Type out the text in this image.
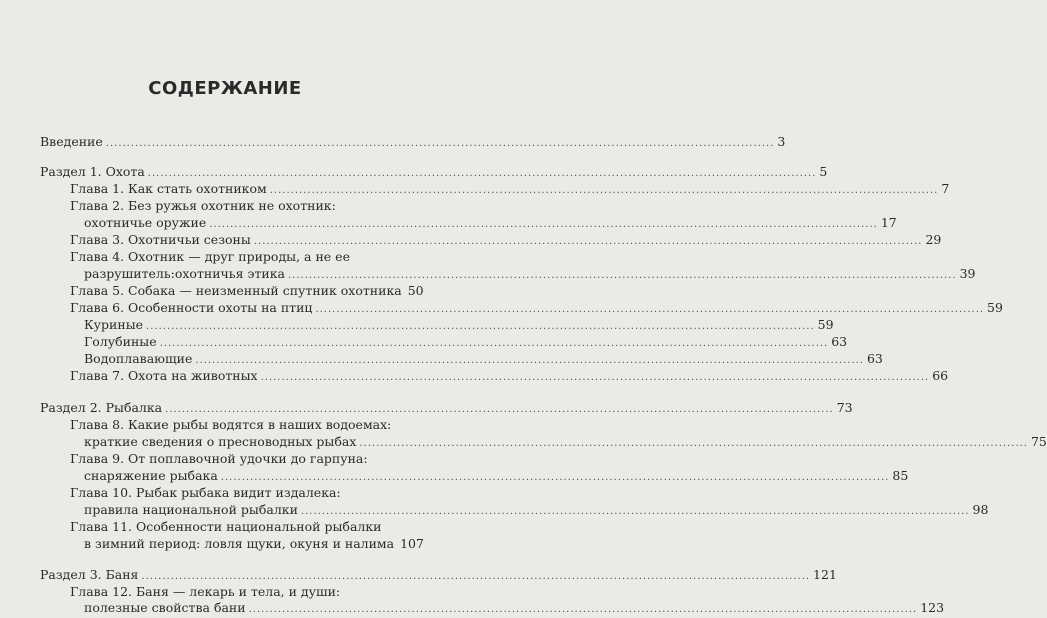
СОДЕРЖАНИЕ
Введение .....	3
Раздел 1. Охота .....	5
Глава 1. Как стать охотником .....	7
Глава 2. Без ружья охотник не охотник:
охотничье оружие .....	17
Глава 3. Охотничьи сезоны .....	29
Глава 4. Охотник — друг природы, а не ее
разрушитель:охотничья этика .....	39
Глава 5. Собака — неизменный спутник охотника 50
Глава 6. Особенности охоты на птиц .....	59
Куриные .....	59
Голубиные .....	63
Водоплавающие .....	63
Глава 7. Охота на животных .....	66
Раздел 2. Рыбалка .....	73
Глава 8. Какие рыбы водятся в наших водоемах:
краткие сведения о пресноводных рыбах .....	75
Глава 9. От поплавочной удочки до гарпуна:
снаряжение рыбака .....	85
Глава 10. Рыбак рыбака видит издалека:
правила национальной рыбалки .....	98
Глава 11. Особенности национальной рыбалки
в зимний период: ловля щуки, окуня и налима 107
Раздел 3. Баня .....	121
Глава 12. Баня — лекарь и тела, и души:
полезные свойства бани .....	123
